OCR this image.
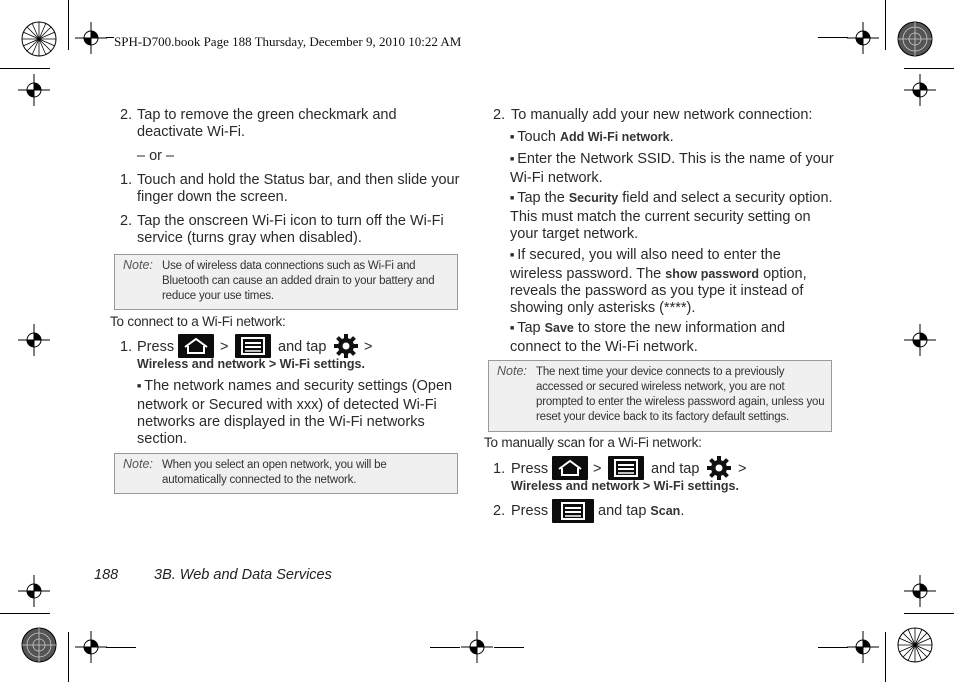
SPH-D700.book Page 188 Thursday, December 9, 2010 10:22 AM
2. Tap to remove the green checkmark and deactivate Wi-Fi.
– or –
1. Touch and hold the Status bar, and then slide your finger down the screen.
2. Tap the onscreen Wi-Fi icon to turn off the Wi-Fi service (turns gray when disabled).
Note: Use of wireless data connections such as Wi-Fi and Bluetooth can cause an added drain to your battery and reduce your use times.
To connect to a Wi-Fi network:
1. Press	>	and tap	>
Wireless and network > Wi-Fi settings.
■ The network names and security settings (Open network or Secured with xxx) of detected Wi-Fi networks are displayed in the Wi-Fi networks section.
Note: When you select an open network, you will be automatically connected to the network.
2. To manually add your new network connection:
■ Touch Add Wi-Fi network.
■ Enter the Network SSID. This is the name of your Wi-Fi network.
■ Tap the Security field and select a security option. This must match the current security setting on your target network.
■ If secured, you will also need to enter the wireless password. The show password option, reveals the password as you type it instead of showing only asterisks (****).
■ Tap Save to store the new information and connect to the Wi-Fi network.
Note: The next time your device connects to a previously accessed or secured wireless network, you are not prompted to enter the wireless password again, unless you reset your device back to its factory default settings.
To manually scan for a Wi-Fi network:
1. Press	>	and tap	>
Wireless and network > Wi-Fi settings.
2. Press	and tap Scan.
188 3B. Web and Data Services
